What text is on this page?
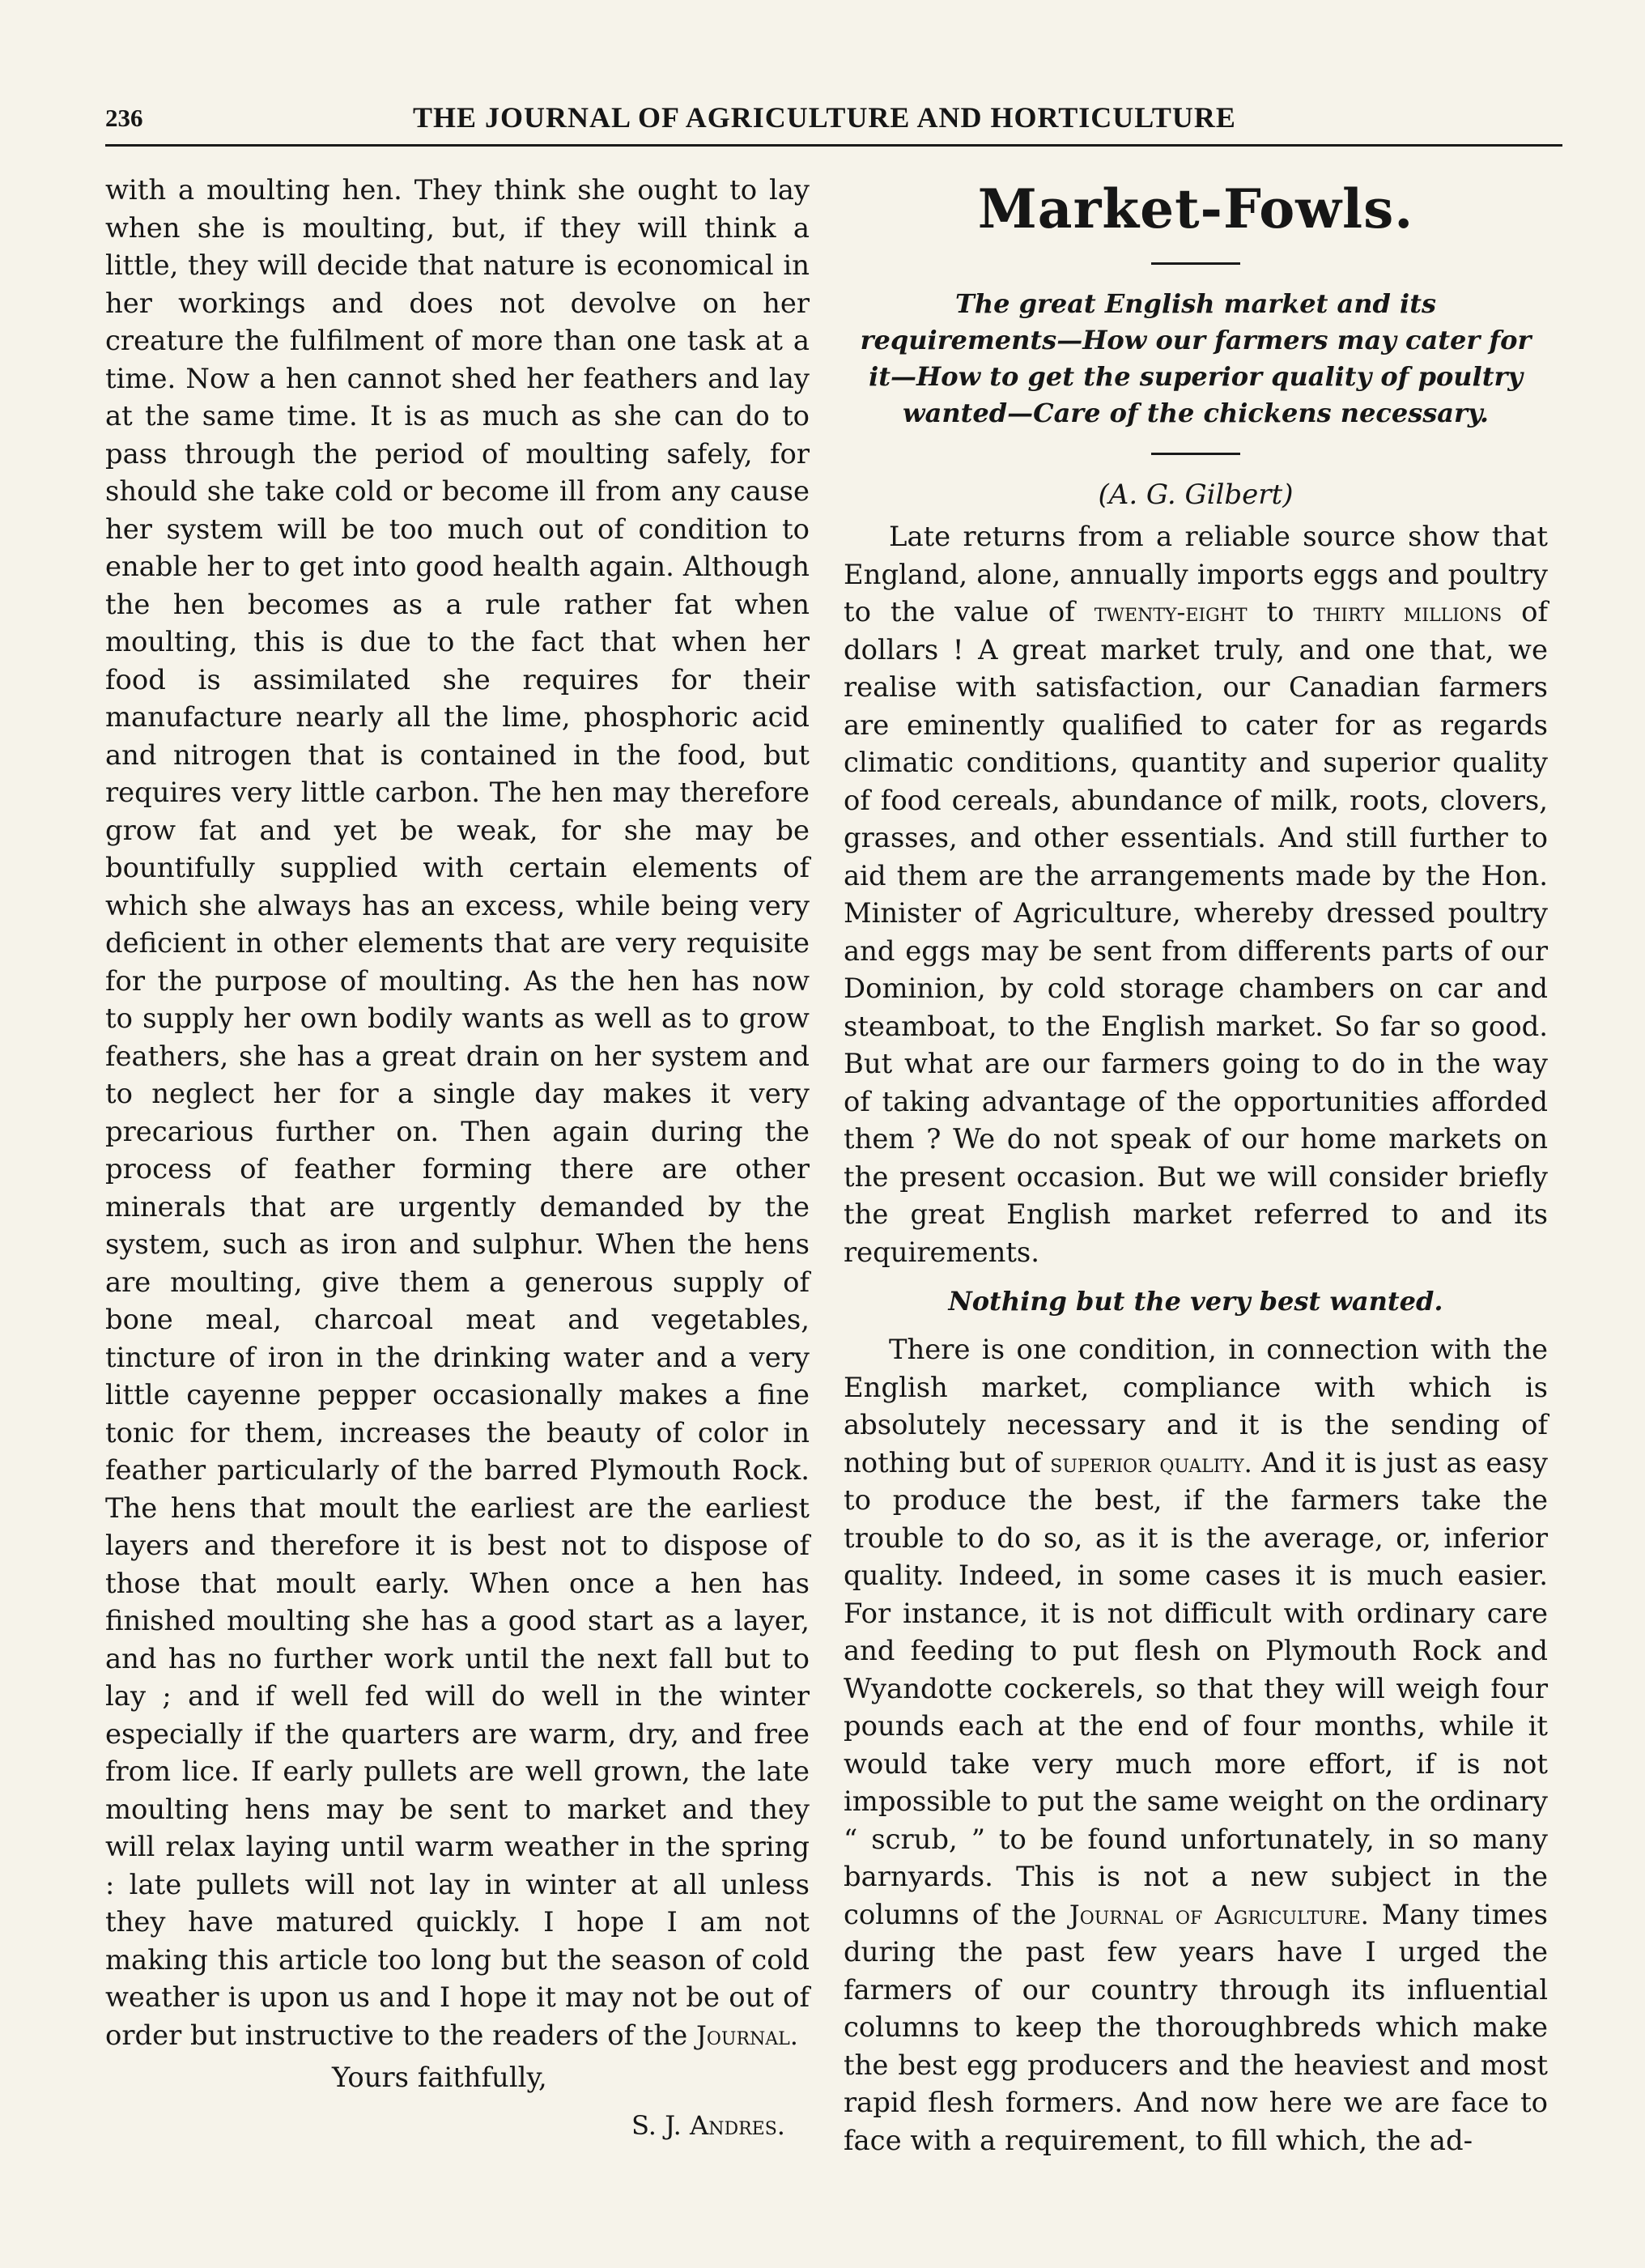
236	THE JOURNAL OF AGRICULTURE AND HORTICULTURE

with a moulting hen. They think she ought to lay when she is moulting, but, if they will think a little, they will decide that nature is economical in her workings and does not devolve on her creature the fulfilment of more than one task at a time. Now a hen cannot shed her feathers and lay at the same time. It is as much as she can do to pass through the period of moulting safely, for should she take cold or become ill from any cause her system will be too much out of condition to enable her to get into good health again. Although the hen becomes as a rule rather fat when moulting, this is due to the fact that when her food is assimilated she requires for their manufacture nearly all the lime, phosphoric acid and nitrogen that is contained in the food, but requires very little carbon. The hen may therefore grow fat and yet be weak, for she may be bountifully supplied with certain elements of which she always has an excess, while being very deficient in other elements that are very requisite for the purpose of moulting. As the hen has now to supply her own bodily wants as well as to grow feathers, she has a great drain on her system and to neglect her for a single day makes it very precarious further on. Then again during the process of feather forming there are other minerals that are urgently demanded by the system, such as iron and sulphur. When the hens are moulting, give them a generous supply of bone meal, charcoal meat and vegetables, tincture of iron in the drinking water and a very little cayenne pepper occasionally makes a fine tonic for them, increases the beauty of color in feather particularly of the barred Plymouth Rock. The hens that moult the earliest are the earliest layers and therefore it is best not to dispose of those that moult early. When once a hen has finished moulting she has a good start as a layer, and has no further work until the next fall but to lay ; and if well fed will do well in the winter especially if the quarters are warm, dry, and free from lice. If early pullets are well grown, the late moulting hens may be sent to market and they will relax laying until warm weather in the spring : late pullets will not lay in winter at all unless they have matured quickly. I hope I am not making this article too long but the season of cold weather is upon us and I hope it may not be out of order but instructive to the readers of the Journal.

Yours faithfully,
S. J. Andres.
Market-Fowls.

The great English market and its requirements—How our farmers may cater for it—How to get the superior quality of poultry wanted—Care of the chickens necessary.

(A. G. Gilbert)

Late returns from a reliable source show that England, alone, annually imports eggs and poultry to the value of twenty-eight to thirty millions of dollars ! A great market truly, and one that, we realise with satisfaction, our Canadian farmers are eminently qualified to cater for as regards climatic conditions, quantity and superior quality of food cereals, abundance of milk, roots, clovers, grasses, and other essentials. And still further to aid them are the arrangements made by the Hon. Minister of Agriculture, whereby dressed poultry and eggs may be sent from differents parts of our Dominion, by cold storage chambers on car and steamboat, to the English market. So far so good. But what are our farmers going to do in the way of taking advantage of the opportunities afforded them ? We do not speak of our home markets on the present occasion. But we will consider briefly the great English market referred to and its requirements.

Nothing but the very best wanted.

There is one condition, in connection with the English market, compliance with which is absolutely necessary and it is the sending of nothing but of superior quality. And it is just as easy to produce the best, if the farmers take the trouble to do so, as it is the average, or, inferior quality. Indeed, in some cases it is much easier. For instance, it is not difficult with ordinary care and feeding to put flesh on Plymouth Rock and Wyandotte cockerels, so that they will weigh four pounds each at the end of four months, while it would take very much more effort, if is not impossible to put the same weight on the ordinary “ scrub, ” to be found unfortunately, in so many barnyards. This is not a new subject in the columns of the Journal of Agriculture. Many times during the past few years have I urged the farmers of our country through its influential columns to keep the thoroughbreds which make the best egg producers and the heaviest and most rapid flesh formers. And now here we are face to face with a requirement, to fill which, the ad-
